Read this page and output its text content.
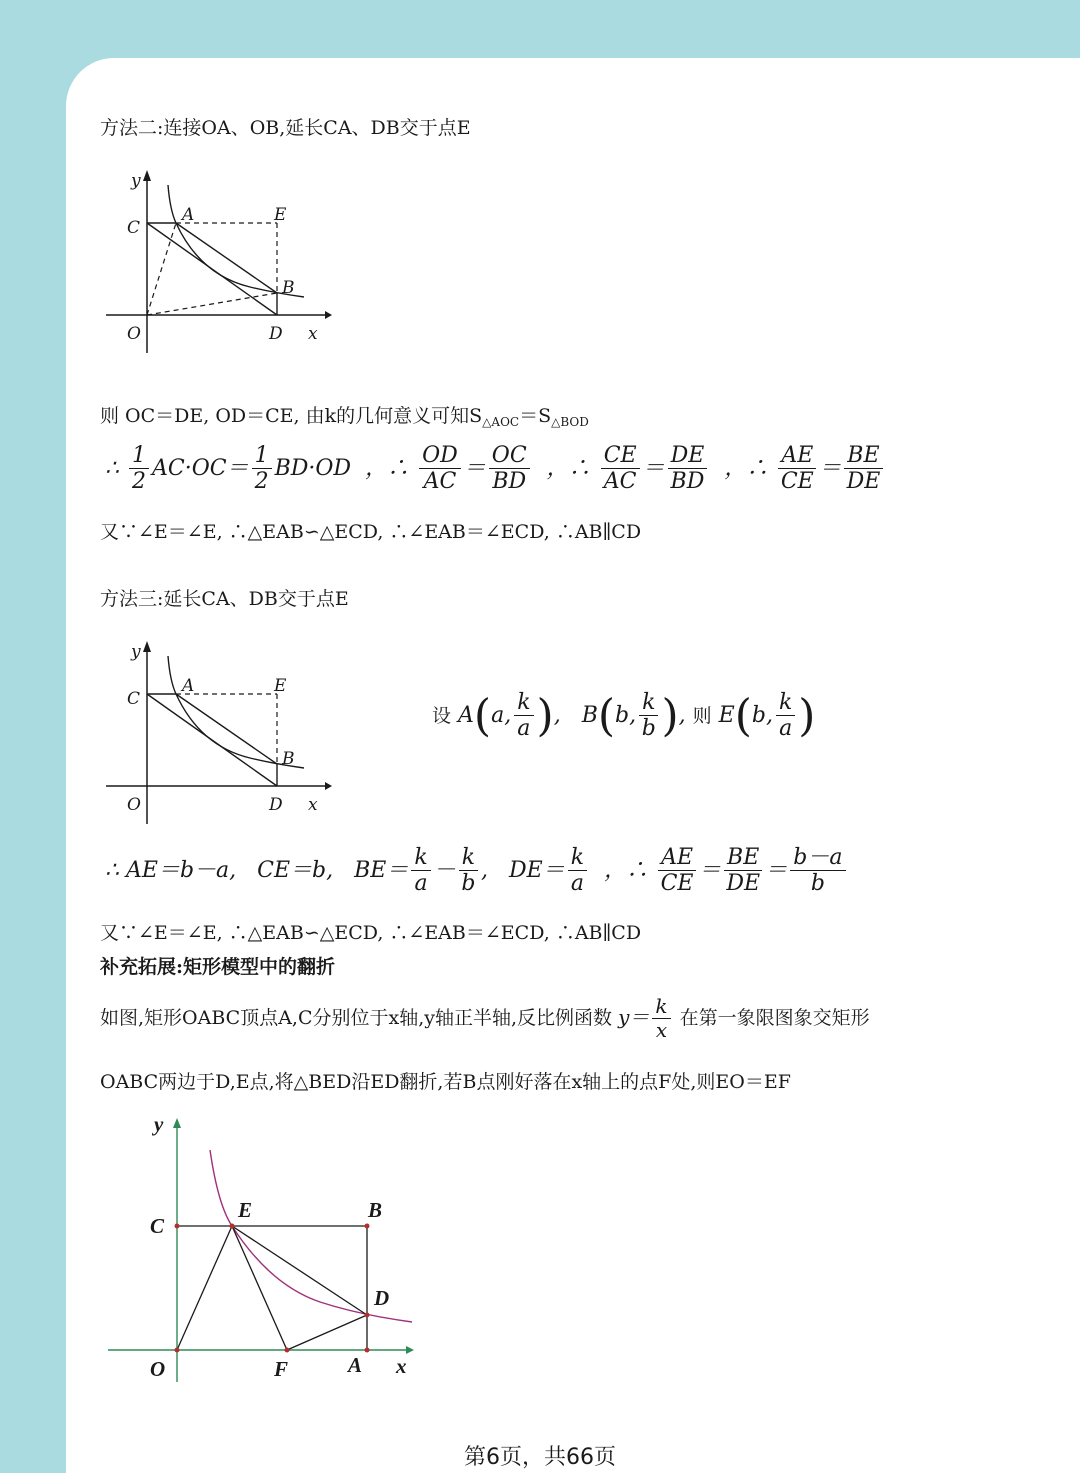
方法二:连接OA、OB,延长CA、DB交于点E
y
C
A	E
B
O	D x
则 OC＝DE, OD＝CE, 由k的几何意义可知$S_{\triangle AOC}=S_{\triangle BOD}$
∴ $\frac{1}{2} AC\cdot OC= \frac{1}{2} BD\cdot OD$ ，∴ $\frac{OD}{AC} = \frac{OC}{BD}$ ，∴ $\frac{CE}{AC} = \frac{DE}{BD}$ ，∴ $\frac{AE}{CE} = \frac{BE}{DE}$
又∵∠E＝∠E, ∴△EAB∽△ECD, ∴∠EAB＝∠ECD, ∴AB∥CD
方法三:延长CA、DB交于点E
y
C
A	E
B
O	D x
设 A(a, $\frac{k}{a}$ ),   B(b, $\frac{k}{b}$ ), 则 E(b, $\frac{k}{a}$ )
∴ AE＝b－a, CE＝b, $BE= \frac{k}{a} - \frac{k}{b}$ ,   $DE= \frac{k}{a}$ ，∴ $\frac{AE}{CE} = \frac{BE}{DE} = \frac{b-a}{b}$
又∵∠E＝∠E, ∴△EAB∽△ECD, ∴∠EAB＝∠ECD, ∴AB∥CD
补充拓展:矩形模型中的翻折
如图,矩形OABC顶点A,C分别位于x轴,y轴正半轴,反比例函数 $y= \frac{k}{x}$ 在第一象限图象交矩形
OABC两边于D,E点,将△BED沿ED翻折,若B点刚好落在x轴上的点F处,则EO＝EF
y
C
E	B
D
O	F	A x
第6页，共66页
